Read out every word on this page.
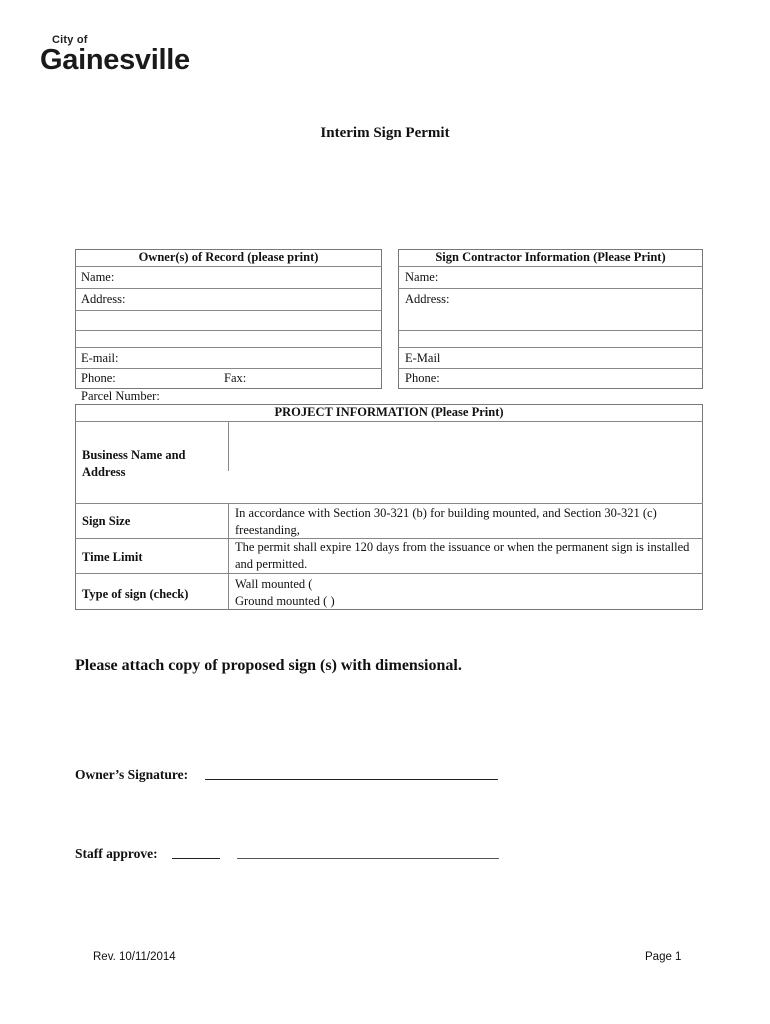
City of
Gainesville
Interim Sign Permit
Owner(s) of Record (please print)
Name:
Address:
E-mail:
Phone:	Fax:
Parcel Number:
Sign Contractor Information (Please Print)
Name:
Address:
E-Mail
Phone:
PROJECT INFORMATION (Please Print)
Business Name and Address
Sign Size
In accordance with Section 30-321 (b) for building mounted, and Section 30-321 (c) freestanding,
Time Limit
The permit shall expire 120 days from the issuance or when the permanent sign is installed and permitted.
Type of sign (check)
Wall mounted (
Ground mounted ( )
Please attach copy of proposed sign (s) with dimensional.
Owner’s Signature:
Staff approve:
Rev. 10/11/2014	Page 1
